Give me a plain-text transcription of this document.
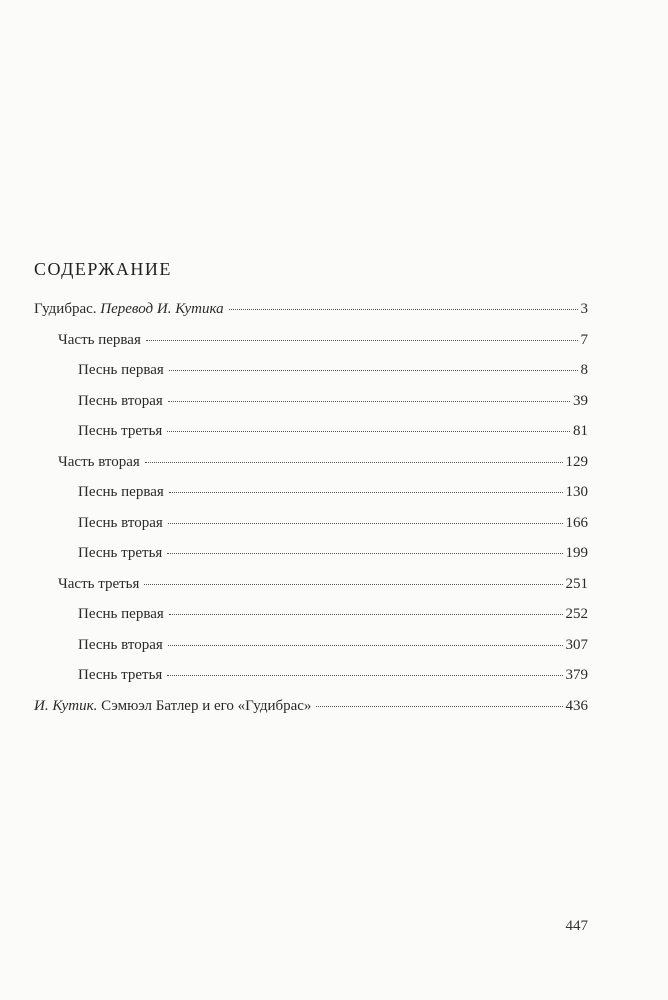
содержание
Гудибрас. Перевод И. Кутика	3
Часть первая	7
Песнь первая	8
Песнь вторая	39
Песнь третья	81
Часть вторая	129
Песнь первая	130
Песнь вторая	166
Песнь третья	199
Часть третья	251
Песнь первая	252
Песнь вторая	307
Песнь третья	379
И. Кутик. Сэмюэл Батлер и его «Гудибрас»	436
447
